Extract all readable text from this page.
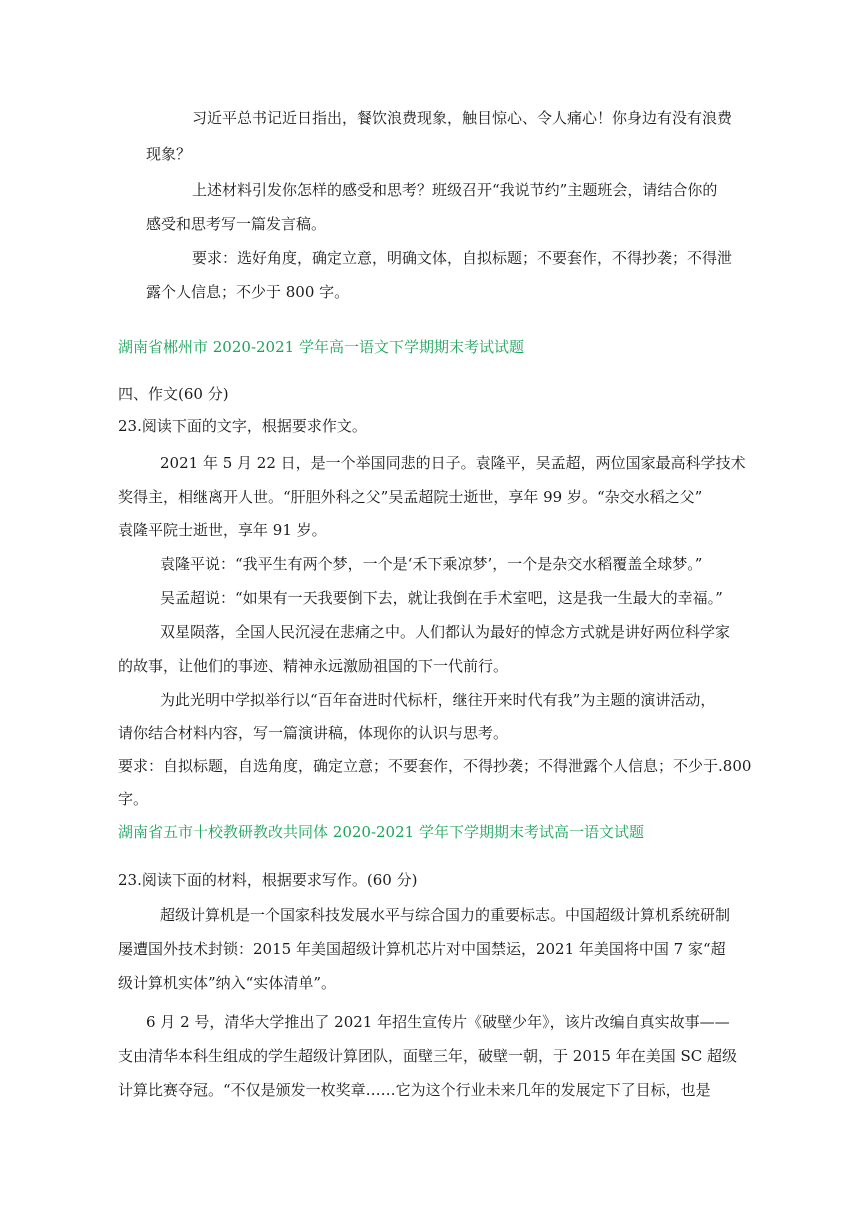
习近平总书记近日指出，餐饮浪费现象，触目惊心、令人痛心！你身边有没有浪费
现象？
上述材料引发你怎样的感受和思考？班级召开“我说节约”主题班会，请结合你的
感受和思考写一篇发言稿。
要求：选好角度，确定立意，明确文体，自拟标题；不要套作，不得抄袭；不得泄
露个人信息；不少于 800 字。
湖南省郴州市 2020-2021 学年高一语文下学期期末考试试题
四、作文(60 分)
23.阅读下面的文字，根据要求作文。
2021 年 5 月 22 日，是一个举国同悲的日子。袁隆平，吴孟超，两位国家最高科学技术
奖得主，相继离开人世。“肝胆外科之父”吴孟超院士逝世，享年 99 岁。“杂交水稻之父”
袁隆平院士逝世，享年 91 岁。
袁隆平说：“我平生有两个梦，一个是‘禾下乘凉梦’，一个是杂交水稻覆盖全球梦。”
吴孟超说：“如果有一天我要倒下去，就让我倒在手术室吧，这是我一生最大的幸福。”
双星陨落，全国人民沉浸在悲痛之中。人们都认为最好的悼念方式就是讲好两位科学家
的故事，让他们的事迹、精神永远激励祖国的下一代前行。
为此光明中学拟举行以“百年奋进时代标杆，继往开来时代有我”为主题的演讲活动，
请你结合材料内容，写一篇演讲稿，体现你的认识与思考。
要求：自拟标题，自选角度，确定立意；不要套作，不得抄袭；不得泄露个人信息；不少于.800
字。
湖南省五市十校教研教改共同体 2020-2021 学年下学期期末考试高一语文试题
23.阅读下面的材料，根据要求写作。(60 分)
超级计算机是一个国家科技发展水平与综合国力的重要标志。中国超级计算机系统研制
屡遭国外技术封锁：2015 年美国超级计算机芯片对中国禁运，2021 年美国将中国 7 家“超
级计算机实体”纳入“实体清单”。
6 月 2 号，清华大学推出了 2021 年招生宣传片《破壁少年》，该片改编自真实故事——
支由清华本科生组成的学生超级计算团队，面壁三年，破壁一朝，于 2015 年在美国 SC 超级
计算比赛夺冠。“不仅是颁发一枚奖章……它为这个行业未来几年的发展定下了目标，也是
